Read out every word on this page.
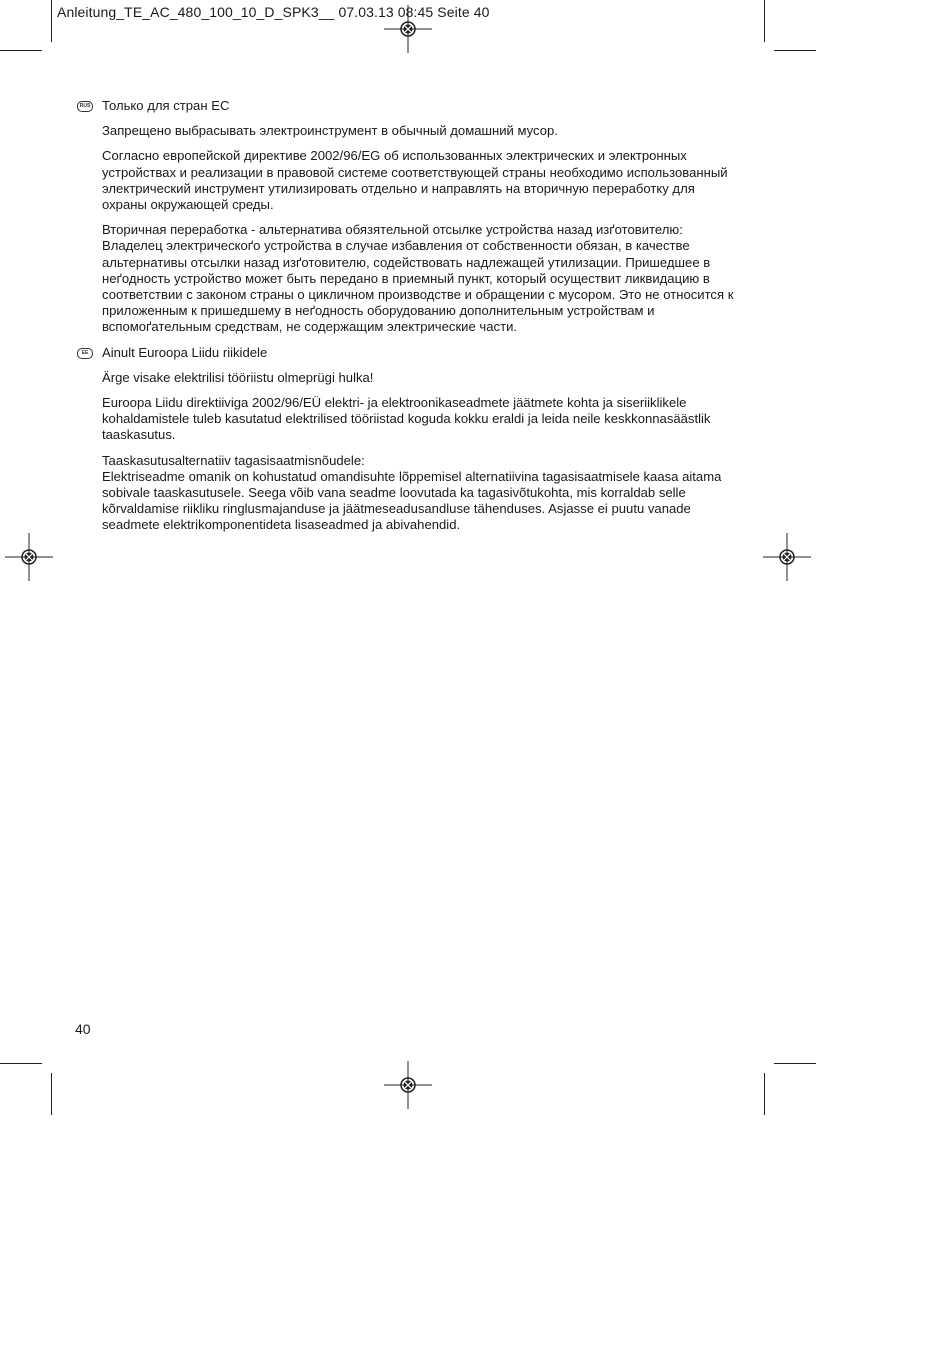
Anleitung_TE_AC_480_100_10_D_SPK3__ 07.03.13 08:45 Seite 40
RUS Только для стран ЕС

Запрещено выбрасывать электроинструмент в обычный домашний мусор.

Согласно европейской директиве 2002/96/EG об использованных электрических и электронных устройствах и реализации в правовой системе соответствующей страны необходимо использованный электрический инструмент утилизировать отдельно и направлять на вторичную переработку для охраны окружающей среды.

Вторичная переработка - альтернатива обязятельной отсылке устройства назад изґотовителю: Владелец электрическоґо устройства в случае избавления от собственности обязан, в качестве альтернативы отсылки назад изґотовителю, содействовать надлежащей утилизации. Пришедшее в неґодность устройство может быть передано в приемный пункт, который осуществит ликвидацию в соответствии с законом страны о цикличном производстве и обращении с мусором. Это не относится к приложенным к пришедшему в неґодность оборудованию дополнительным устройствам и вспомоґательным средствам, не содержащим электрические части.

EE	Ainult Euroopa Liidu riikidele

Ärge visake elektrilisi tööriistu olmeprügi hulka!

Euroopa Liidu direktiiviga 2002/96/EÜ elektri- ja elektroonikaseadmete jäätmete kohta ja siseriiklikele kohaldamistele tuleb kasutatud elektrilised tööriistad koguda kokku eraldi ja leida neile keskkonnasäästlik taaskasutus.

Taaskasutusalternatiiv tagasisaatmisnõudele:
Elektriseadme omanik on kohustatud omandisuhte lõppemisel alternatiivina tagasisaatmisele kaasa aitama sobivale taaskasutusele. Seega võib vana seadme loovutada ka tagasivõtukohta, mis korraldab selle kõrvaldamise riikliku ringlusmajanduse ja jäätmeseadusandluse tähenduses. Asjasse ei puutu vanade seadmete elektrikomponentideta lisaseadmed ja abivahendid.

40
